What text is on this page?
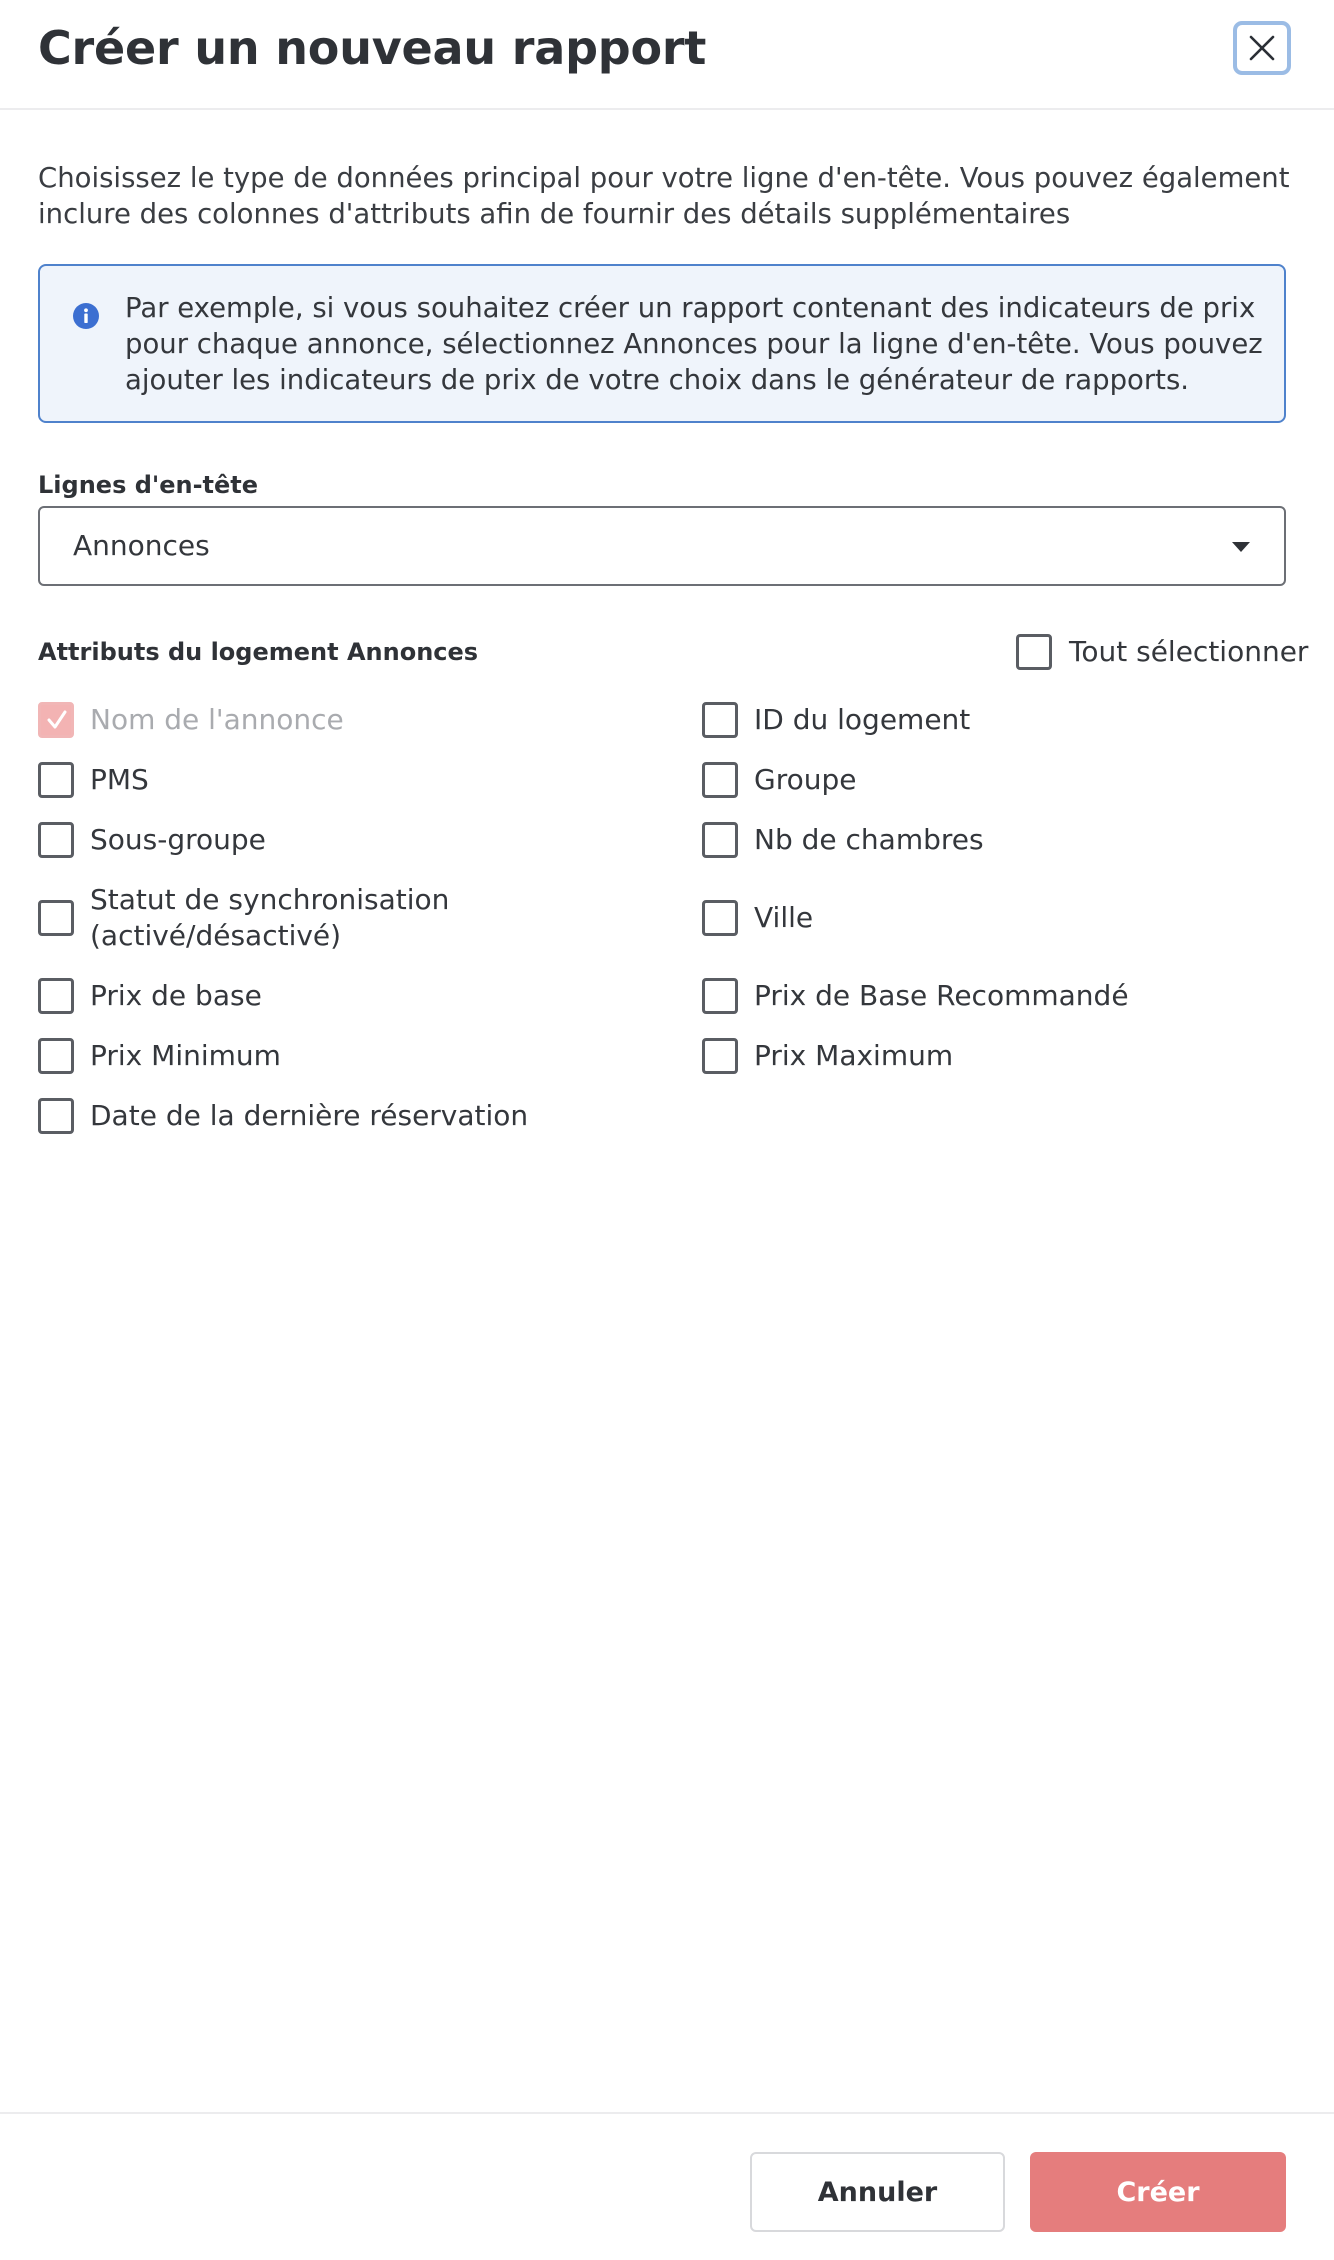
Créer un nouveau rapport

Choisissez le type de données principal pour votre ligne d'en-tête. Vous pouvez également inclure des colonnes d'attributs afin de fournir des détails supplémentaires

Par exemple, si vous souhaitez créer un rapport contenant des indicateurs de prix pour chaque annonce, sélectionnez Annonces pour la ligne d'en-tête. Vous pouvez ajouter les indicateurs de prix de votre choix dans le générateur de rapports.

Lignes d'en-tête

Annonces

Attributs du logement Annonces	Tout sélectionner
Nom de l'annonce	ID du logement
PMS	Groupe
Sous-groupe	Nb de chambres
Statut de synchronisation (activé/désactivé)
Ville
Prix de base	Prix de Base Recommandé
Prix Minimum	Prix Maximum
Date de la dernière réservation
Annuler	Créer
